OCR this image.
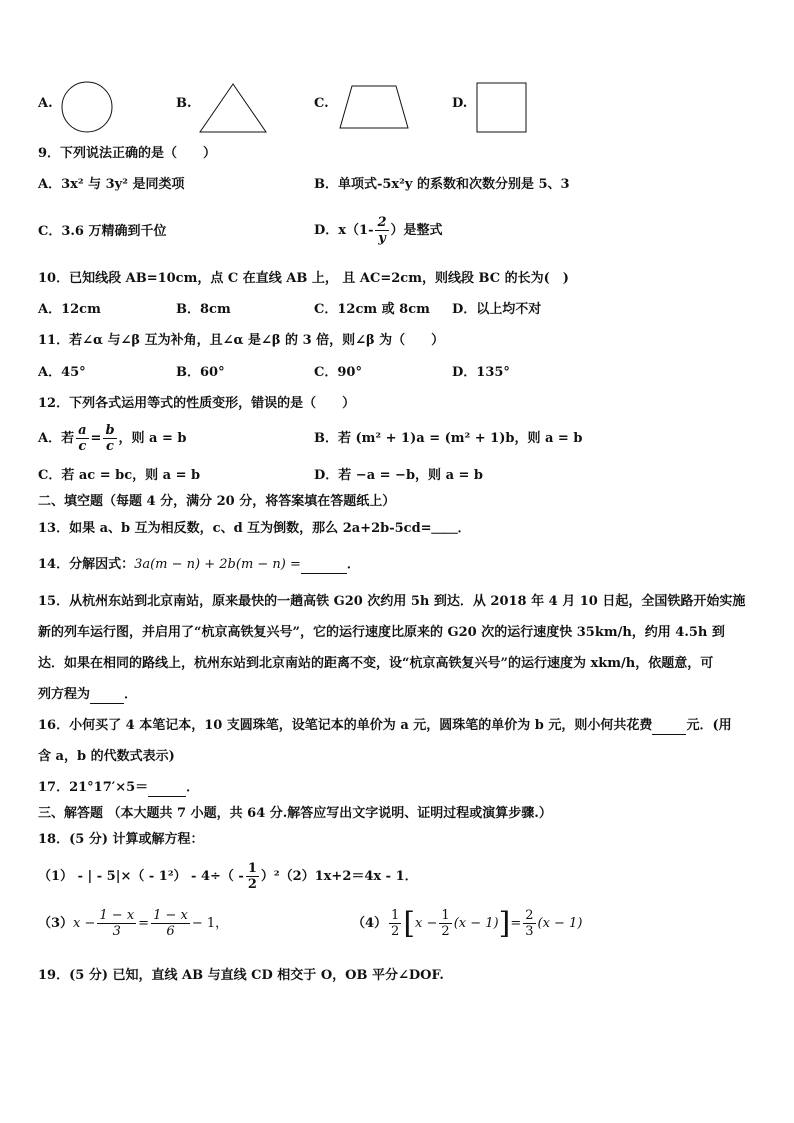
A.	B.	C.	D.
9．下列说法正确的是（　　）
A．3x² 与 3y² 是同类项	B．单项式-5x²y 的系数和次数分别是 5、3
C．3.6 万精确到千位	D．$x(1- \frac{2}{y}$ ）是整式
10．已知线段 AB=10cm，点 C 在直线 AB 上， 且 AC=2cm，则线段 BC 的长为(　)
A．12cm	B．8cm	C．12cm 或 8cm D．以上均不对
11．若∠α 与∠β 互为补角，且∠α 是∠β 的 3 倍，则∠β 为（　　）
A．45°	B．60°	C．90°	D．135°
12．下列各式运用等式的性质变形，错误的是（　　）
A．若 $\frac{a}{c} = \frac{b}{c}$ ，则 a = b	B．若 (m² + 1)a = (m² + 1)b，则 a = b
C．若 ac = bc，则 a = b	D．若 −a = −b，则 a = b
二、填空题（每题 4 分，满分 20 分，将答案填在答题纸上）
13．如果 a、b 互为相反数，c、d 互为倒数，那么 2a+2b-5cd=＿＿．
14．分解因式：3a(m − n) + 2b(m − n) =	．
15．从杭州东站到北京南站，原来最快的一趟高铁 G20 次约用 5h 到达．从 2018 年 4 月 10 日起，全国铁路开始实施
新的列车运行图，并启用了“杭京高铁复兴号”，它的运行速度比原来的 G20 次的运行速度快 35km/h，约用 4.5h 到
达．如果在相同的路线上，杭州东站到北京南站的距离不变，设“杭京高铁复兴号”的运行速度为 xkm/h，依题意，可
列方程为	．
16．小何买了 4 本笔记本，10 支圆珠笔，设笔记本的单价为 a 元，圆珠笔的单价为 b 元，则小何共花费	元．(用
含 a，b 的代数式表示)
17．21°17′×5＝	．
三、解答题 （本大题共 7 小题，共 64 分.解答应写出文字说明、证明过程或演算步骤.）
18．(5 分) 计算或解方程：
（1） - | - $5|\times( - 1^2) - 4\div( - \frac{1}{2} )^2(2)1x+2=4x - 1$．
$(3)x - \frac{1 - x}{3} = \frac{1 - x}{6} - 1$，	$(4) \frac{1}{2} [x - \frac{1}{2} (x - 1)]= \frac{2}{3} (x - 1)$
19．(5 分) 已知，直线 AB 与直线 CD 相交于 O，OB 平分∠DOF.
